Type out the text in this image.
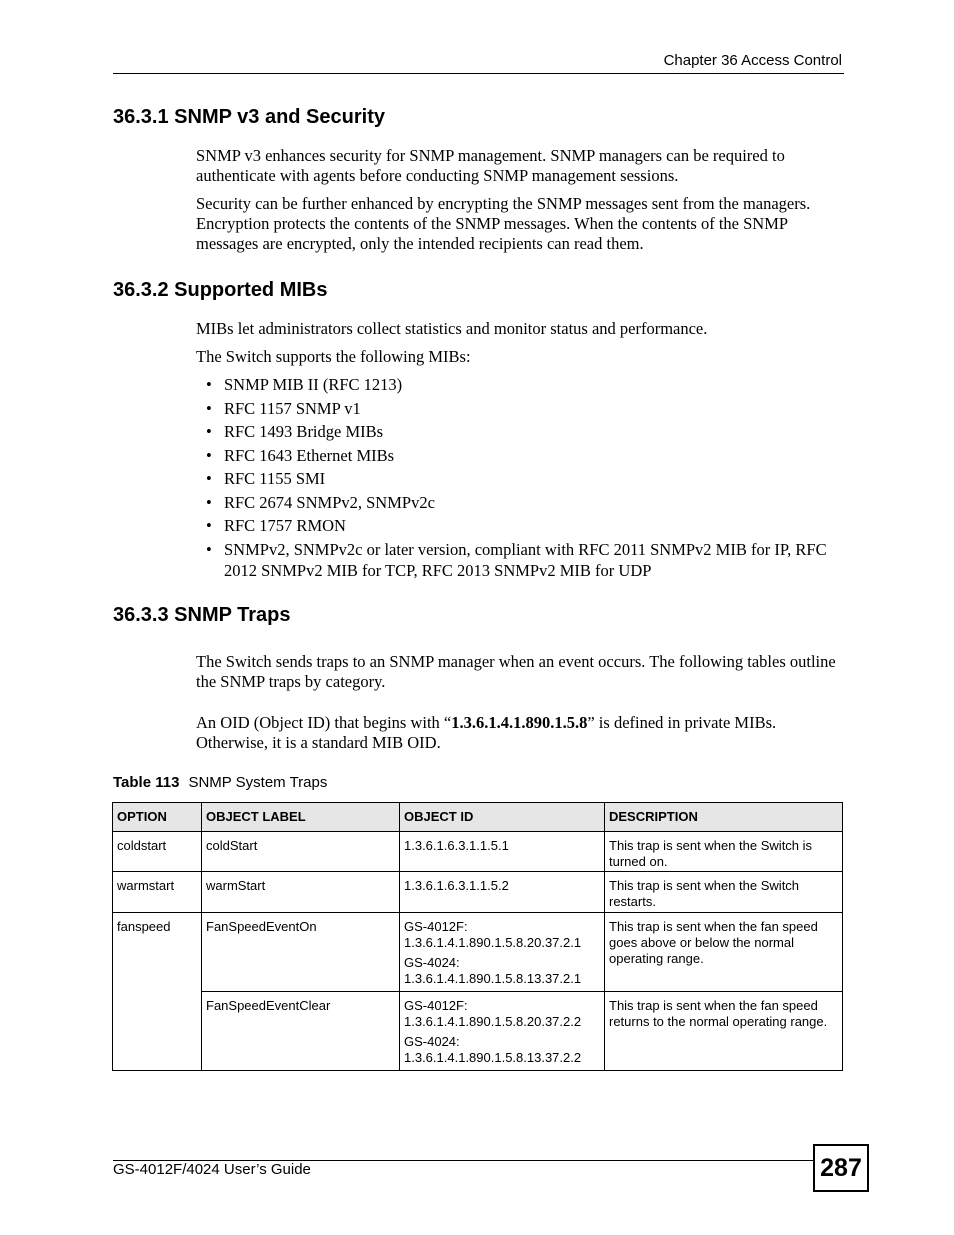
Chapter 36 Access Control
36.3.1 SNMP v3 and Security

SNMP v3 enhances security for SNMP management. SNMP managers can be required to authenticate with agents before conducting SNMP management sessions.

Security can be further enhanced by encrypting the SNMP messages sent from the managers. Encryption protects the contents of the SNMP messages. When the contents of the SNMP messages are encrypted, only the intended recipients can read them.

36.3.2 Supported MIBs

MIBs let administrators collect statistics and monitor status and performance.

The Switch supports the following MIBs:

• SNMP MIB II (RFC 1213)
• RFC 1157 SNMP v1
• RFC 1493 Bridge MIBs
• RFC 1643 Ethernet MIBs
• RFC 1155 SMI
• RFC 2674 SNMPv2, SNMPv2c
• RFC 1757 RMON
• SNMPv2, SNMPv2c or later version, compliant with RFC 2011 SNMPv2 MIB for IP, RFC 2012 SNMPv2 MIB for TCP, RFC 2013 SNMPv2 MIB for UDP
36.3.3 SNMP Traps

The Switch sends traps to an SNMP manager when an event occurs. The following tables outline the SNMP traps by category.

An OID (Object ID) that begins with “1.3.6.1.4.1.890.1.5.8” is defined in private MIBs. Otherwise, it is a standard MIB OID.

Table 113 SNMP System Traps
OPTION	OBJECT LABEL	OBJECT ID	DESCRIPTION
coldstart	coldStart	1.3.6.1.6.3.1.1.5.1	This trap is sent when the Switch is turned on.
warmstart	warmStart	1.3.6.1.6.3.1.1.5.2	This trap is sent when the Switch restarts.
fanspeed	FanSpeedEventOn	GS-4012F:
1.3.6.1.4.1.890.1.5.8.20.37.2.1
GS-4024:
1.3.6.1.4.1.890.1.5.8.13.37.2.1	This trap is sent when the fan speed goes above or below the normal operating range.
	FanSpeedEventClear	GS-4012F:
1.3.6.1.4.1.890.1.5.8.20.37.2.2
GS-4024:
1.3.6.1.4.1.890.1.5.8.13.37.2.2	This trap is sent when the fan speed returns to the normal operating range.
GS-4012F/4024 User’s Guide	287
